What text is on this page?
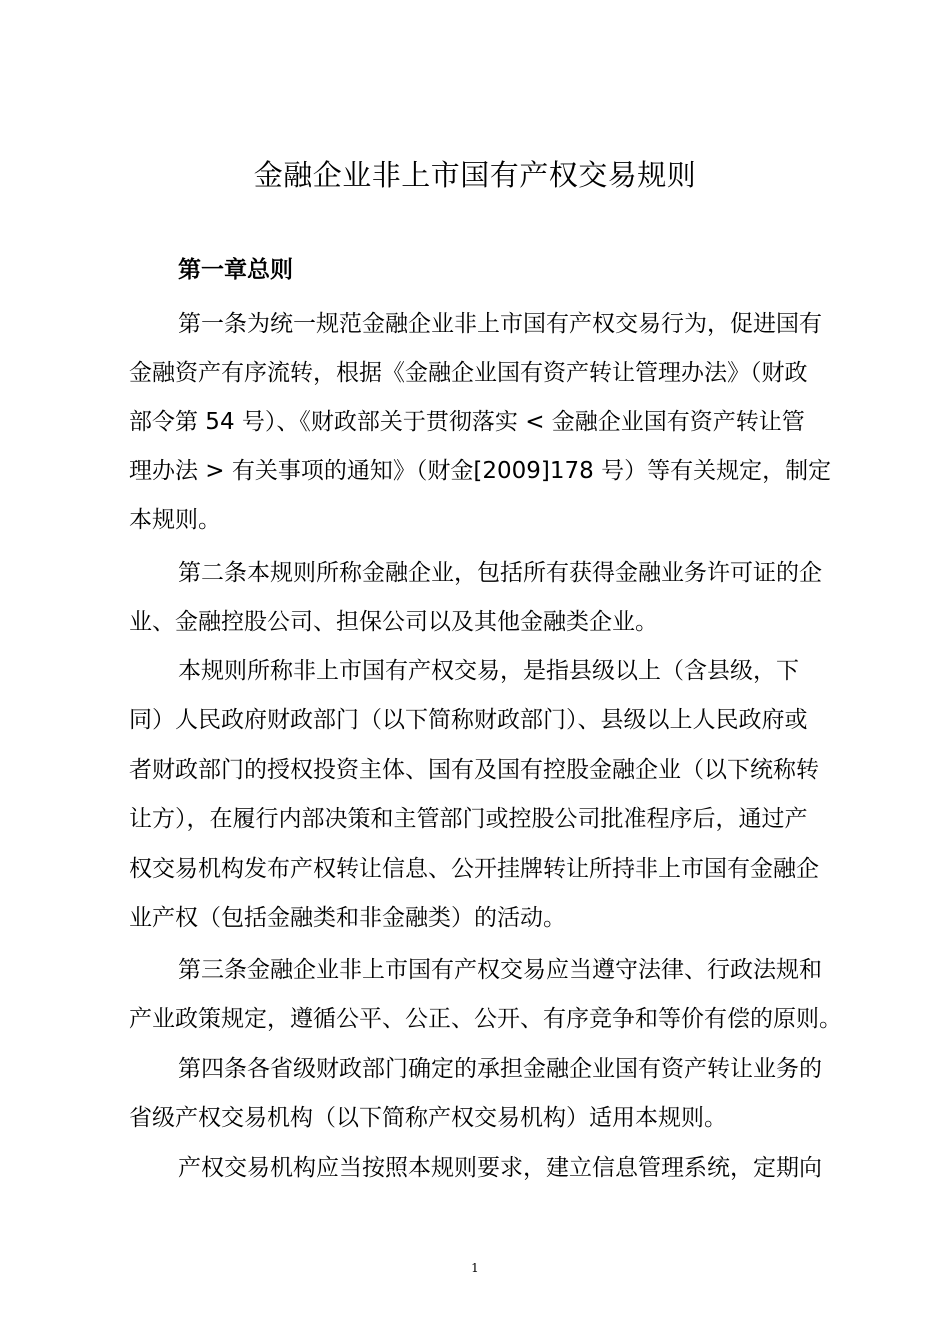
金融企业非上市国有产权交易规则
第一章总则
第一条为统一规范金融企业非上市国有产权交易行为，促进国有
金融资产有序流转，根据《金融企业国有资产转让管理办法》（财政
部令第 54 号）、《财政部关于贯彻落实 < 金融企业国有资产转让管
理办法 > 有关事项的通知》（财金[2009]178 号）等有关规定，制定
本规则。
第二条本规则所称金融企业，包括所有获得金融业务许可证的企
业、金融控股公司、担保公司以及其他金融类企业。
本规则所称非上市国有产权交易，是指县级以上（含县级，下
同）人民政府财政部门（以下简称财政部门）、县级以上人民政府或
者财政部门的授权投资主体、国有及国有控股金融企业（以下统称转
让方），在履行内部决策和主管部门或控股公司批准程序后，通过产
权交易机构发布产权转让信息、公开挂牌转让所持非上市国有金融企
业产权（包括金融类和非金融类）的活动。
第三条金融企业非上市国有产权交易应当遵守法律、行政法规和
产业政策规定，遵循公平、公正、公开、有序竞争和等价有偿的原则。
第四条各省级财政部门确定的承担金融企业国有资产转让业务的
省级产权交易机构（以下简称产权交易机构）适用本规则。
产权交易机构应当按照本规则要求，建立信息管理系统，定期向
1
